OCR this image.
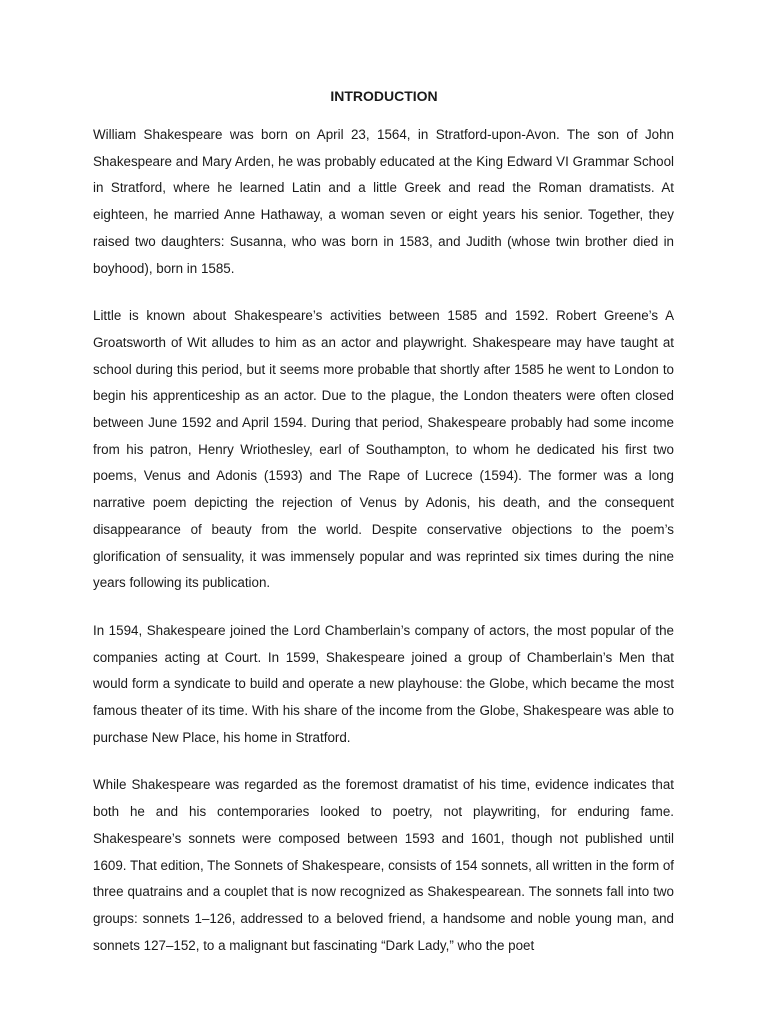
INTRODUCTION

William Shakespeare was born on April 23, 1564, in Stratford-upon-Avon. The son of John Shakespeare and Mary Arden, he was probably educated at the King Edward VI Grammar School in Stratford, where he learned Latin and a little Greek and read the Roman dramatists. At eighteen, he married Anne Hathaway, a woman seven or eight years his senior. Together, they raised two daughters: Susanna, who was born in 1583, and Judith (whose twin brother died in boyhood), born in 1585.

Little is known about Shakespeare’s activities between 1585 and 1592. Robert Greene’s A Groatsworth of Wit alludes to him as an actor and playwright. Shakespeare may have taught at school during this period, but it seems more probable that shortly after 1585 he went to London to begin his apprenticeship as an actor. Due to the plague, the London theaters were often closed between June 1592 and April 1594. During that period, Shakespeare probably had some income from his patron, Henry Wriothesley, earl of Southampton, to whom he dedicated his first two poems, Venus and Adonis (1593) and The Rape of Lucrece (1594). The former was a long narrative poem depicting the rejection of Venus by Adonis, his death, and the consequent disappearance of beauty from the world. Despite conservative objections to the poem’s glorification of sensuality, it was immensely popular and was reprinted six times during the nine years following its publication.

In 1594, Shakespeare joined the Lord Chamberlain’s company of actors, the most popular of the companies acting at Court. In 1599, Shakespeare joined a group of Chamberlain’s Men that would form a syndicate to build and operate a new playhouse: the Globe, which became the most famous theater of its time. With his share of the income from the Globe, Shakespeare was able to purchase New Place, his home in Stratford.

While Shakespeare was regarded as the foremost dramatist of his time, evidence indicates that both he and his contemporaries looked to poetry, not playwriting, for enduring fame. Shakespeare’s sonnets were composed between 1593 and 1601, though not published until 1609. That edition, The Sonnets of Shakespeare, consists of 154 sonnets, all written in the form of three quatrains and a couplet that is now recognized as Shakespearean. The sonnets fall into two groups: sonnets 1–126, addressed to a beloved friend, a handsome and noble young man, and sonnets 127–152, to a malignant but fascinating “Dark Lady,” who the poet
